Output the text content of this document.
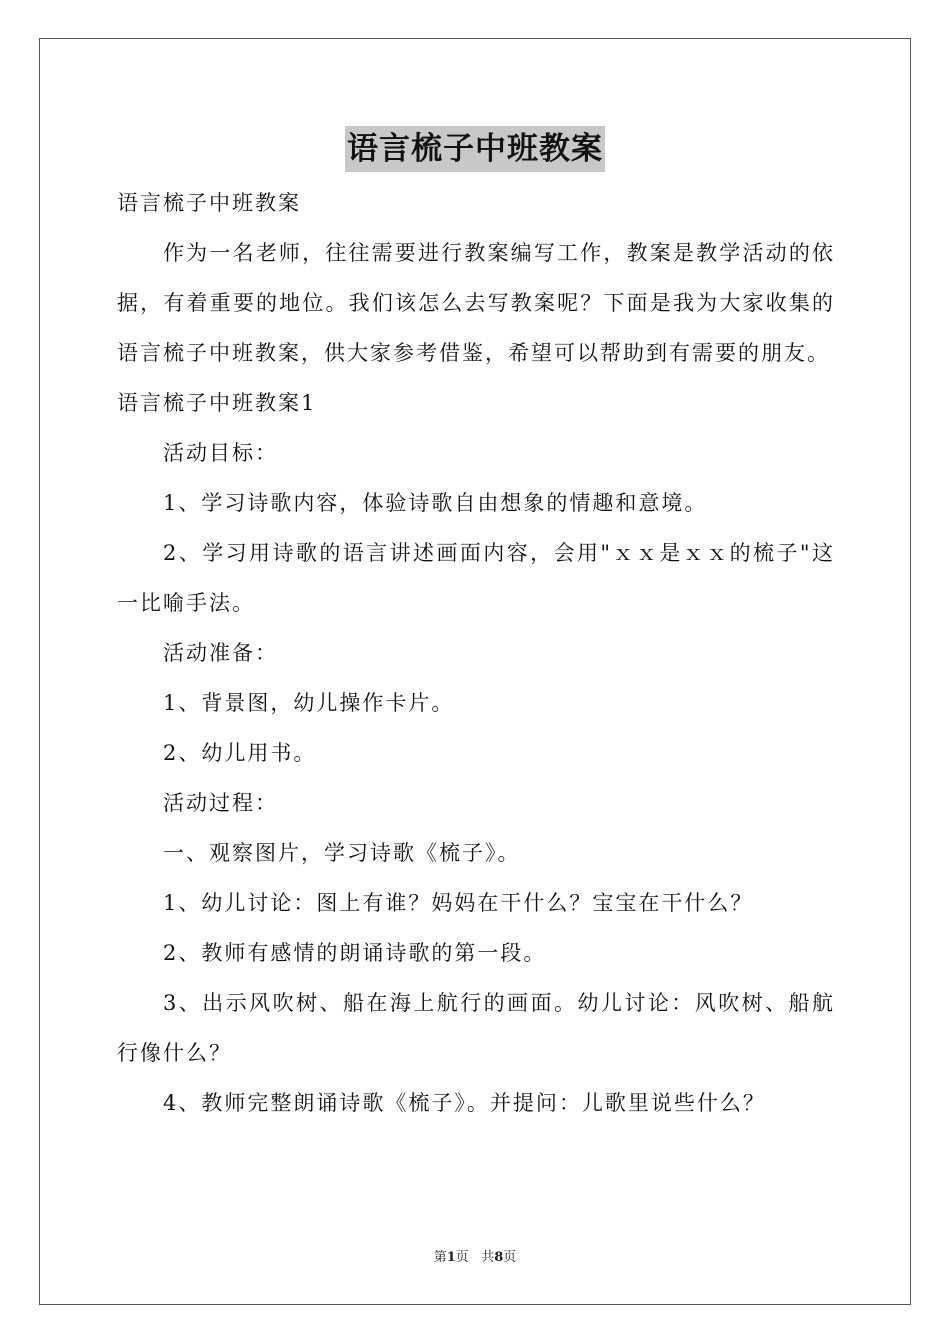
语言梳子中班教案

语言梳子中班教案

作为一名老师，往往需要进行教案编写工作，教案是教学活动的依据，有着重要的地位。我们该怎么去写教案呢？下面是我为大家收集的语言梳子中班教案，供大家参考借鉴，希望可以帮助到有需要的朋友。

语言梳子中班教案1

活动目标：

1、学习诗歌内容，体验诗歌自由想象的情趣和意境。

2、学习用诗歌的语言讲述画面内容，会用"ｘｘ是ｘｘ的梳子"这一比喻手法。

活动准备：

1、背景图，幼儿操作卡片。

2、幼儿用书。

活动过程：

一、观察图片，学习诗歌《梳子》。

1、幼儿讨论：图上有谁？妈妈在干什么？宝宝在干什么？

2、教师有感情的朗诵诗歌的第一段。

3、出示风吹树、船在海上航行的画面。幼儿讨论：风吹树、船航行像什么？

4、教师完整朗诵诗歌《梳子》。并提问：儿歌里说些什么？

第1页 共8页
